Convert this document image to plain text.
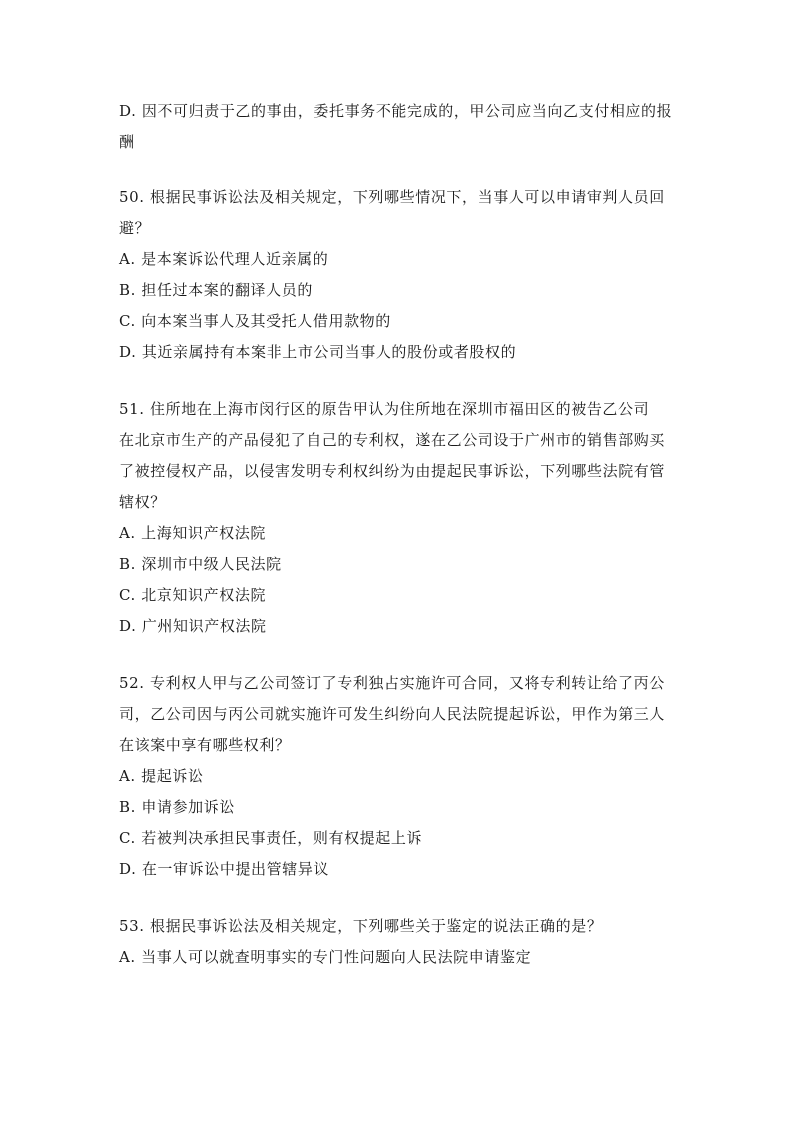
D. 因不可归责于乙的事由，委托事务不能完成的，甲公司应当向乙支付相应的报
酬
50. 根据民事诉讼法及相关规定，下列哪些情况下，当事人可以申请审判人员回
避？
A. 是本案诉讼代理人近亲属的
B. 担任过本案的翻译人员的
C. 向本案当事人及其受托人借用款物的
D. 其近亲属持有本案非上市公司当事人的股份或者股权的
51. 住所地在上海市闵行区的原告甲认为住所地在深圳市福田区的被告乙公司
在北京市生产的产品侵犯了自己的专利权，遂在乙公司设于广州市的销售部购买
了被控侵权产品，以侵害发明专利权纠纷为由提起民事诉讼，下列哪些法院有管
辖权？
A. 上海知识产权法院
B. 深圳市中级人民法院
C. 北京知识产权法院
D. 广州知识产权法院
52. 专利权人甲与乙公司签订了专利独占实施许可合同，又将专利转让给了丙公
司，乙公司因与丙公司就实施许可发生纠纷向人民法院提起诉讼，甲作为第三人
在该案中享有哪些权利？
A. 提起诉讼
B. 申请参加诉讼
C. 若被判决承担民事责任，则有权提起上诉
D. 在一审诉讼中提出管辖异议
53. 根据民事诉讼法及相关规定，下列哪些关于鉴定的说法正确的是？
A. 当事人可以就查明事实的专门性问题向人民法院申请鉴定
